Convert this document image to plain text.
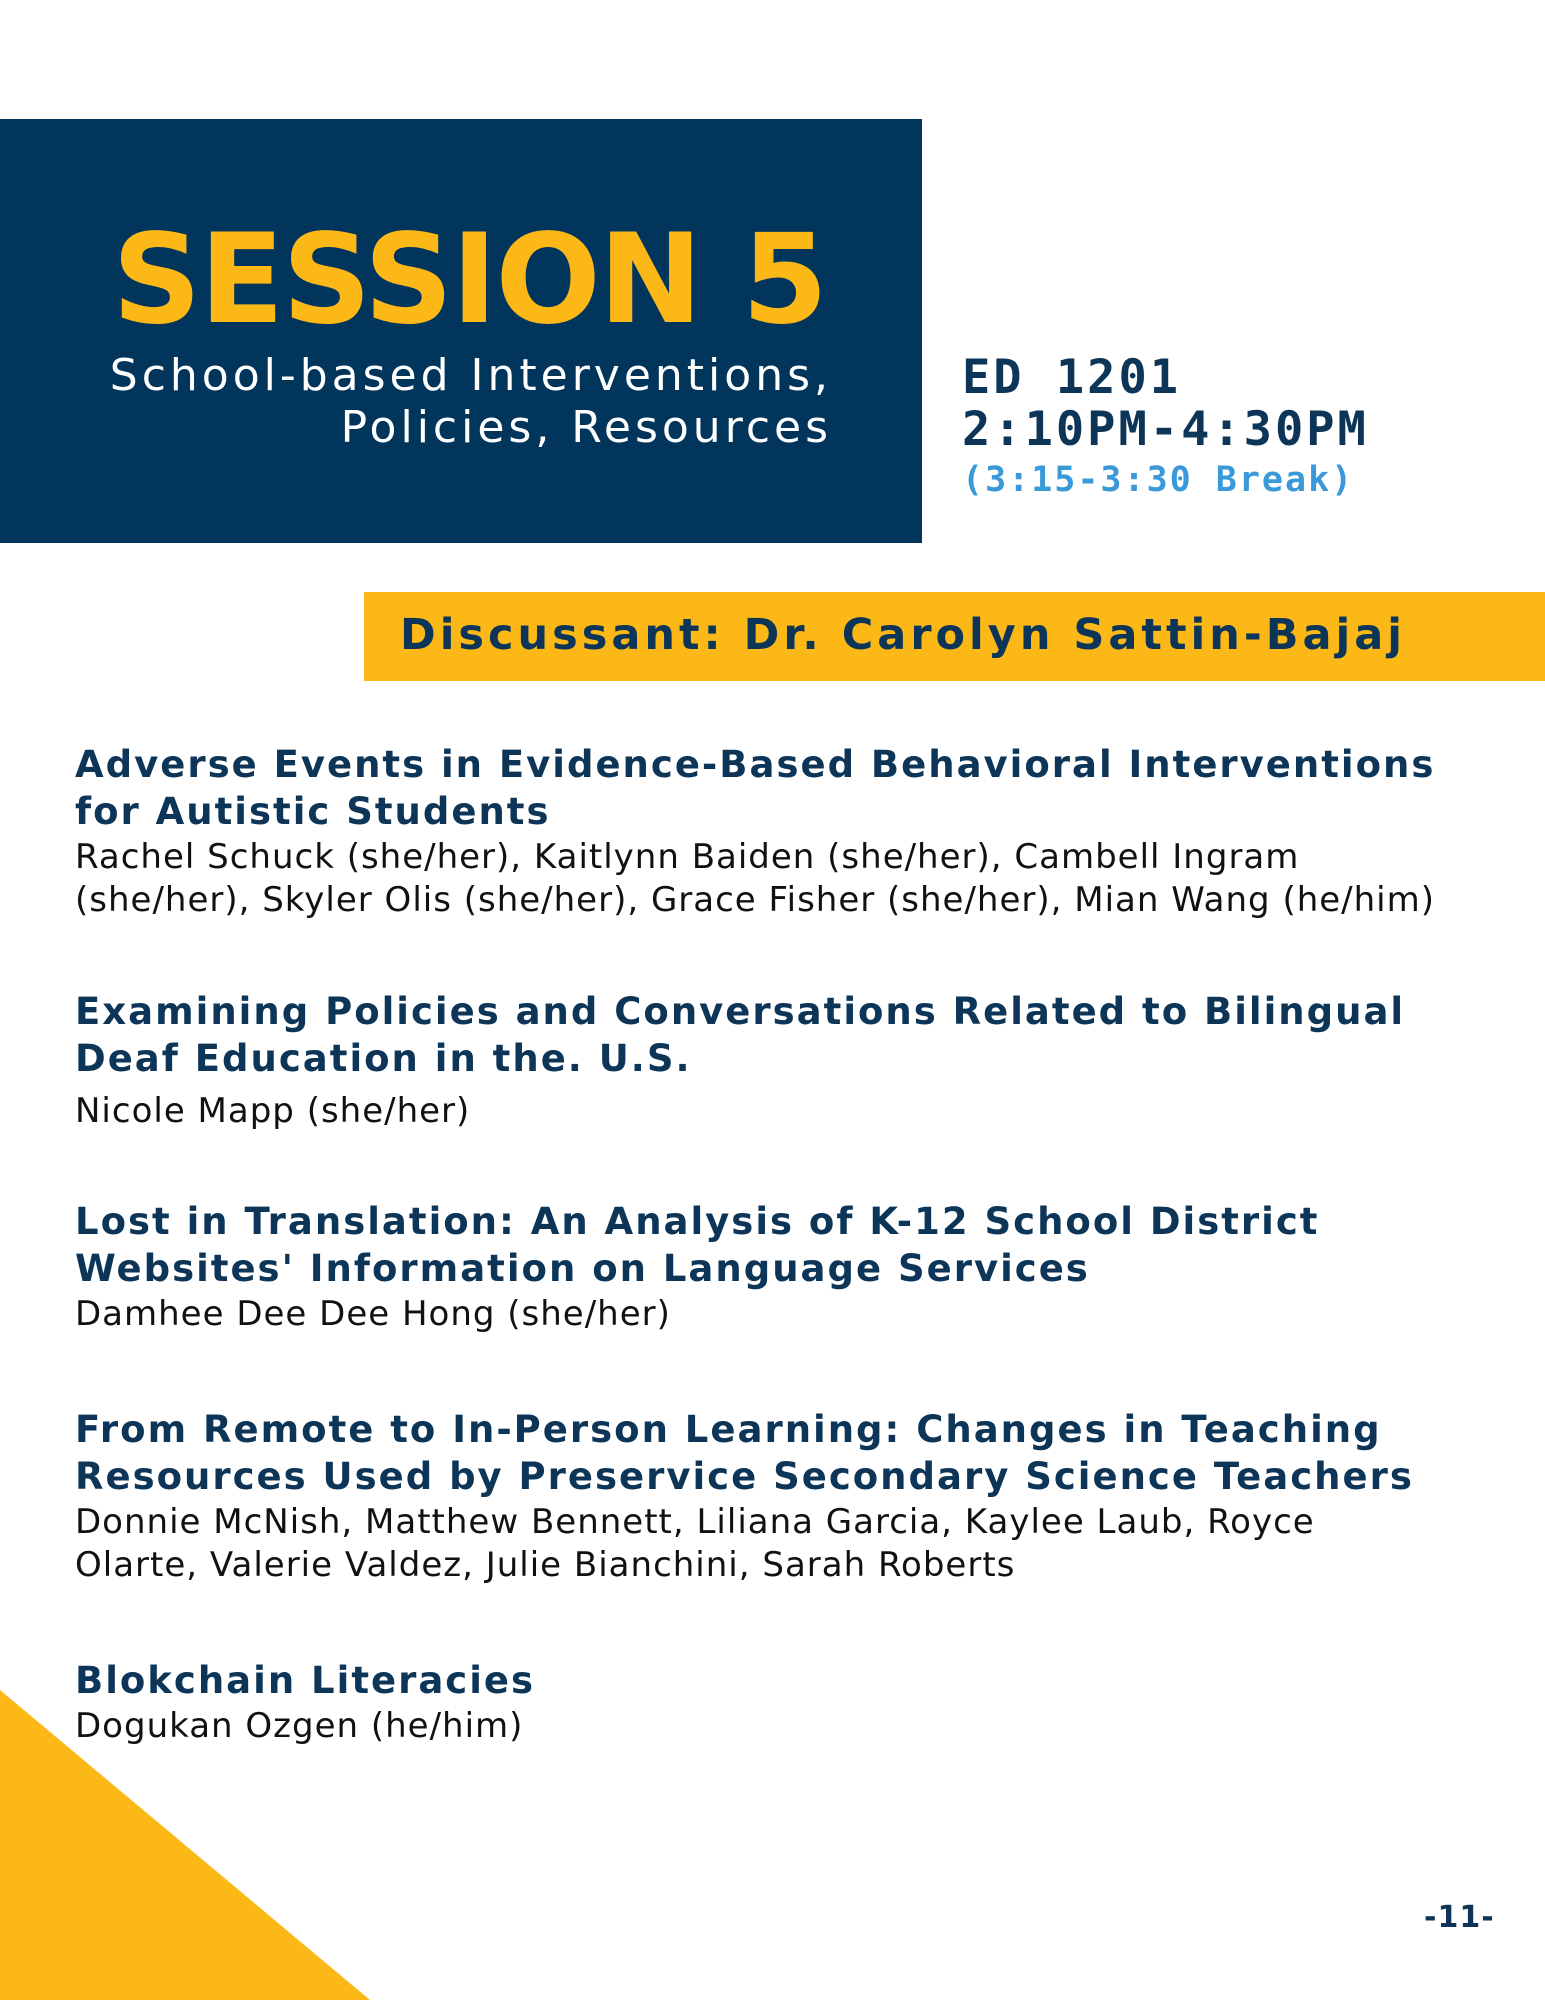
SESSION 5
School-based Interventions,
Policies, Resources
ED 1201
2:10PM-4:30PM
(3:15-3:30 Break)
Discussant: Dr. Carolyn Sattin-Bajaj
Adverse Events in Evidence-Based Behavioral Interventions
for Autistic Students
Rachel Schuck (she/her), Kaitlynn Baiden (she/her), Cambell Ingram
(she/her), Skyler Olis (she/her), Grace Fisher (she/her), Mian Wang (he/him)
Examining Policies and Conversations Related to Bilingual
Deaf Education in the. U.S.
Nicole Mapp (she/her)
Lost in Translation: An Analysis of K-12 School District
Websites' Information on Language Services
Damhee Dee Dee Hong (she/her)
From Remote to In-Person Learning: Changes in Teaching
Resources Used by Preservice Secondary Science Teachers
Donnie McNish, Matthew Bennett, Liliana Garcia, Kaylee Laub, Royce
Olarte, Valerie Valdez, Julie Bianchini, Sarah Roberts
Blokchain Literacies
Dogukan Ozgen (he/him)
-11-
